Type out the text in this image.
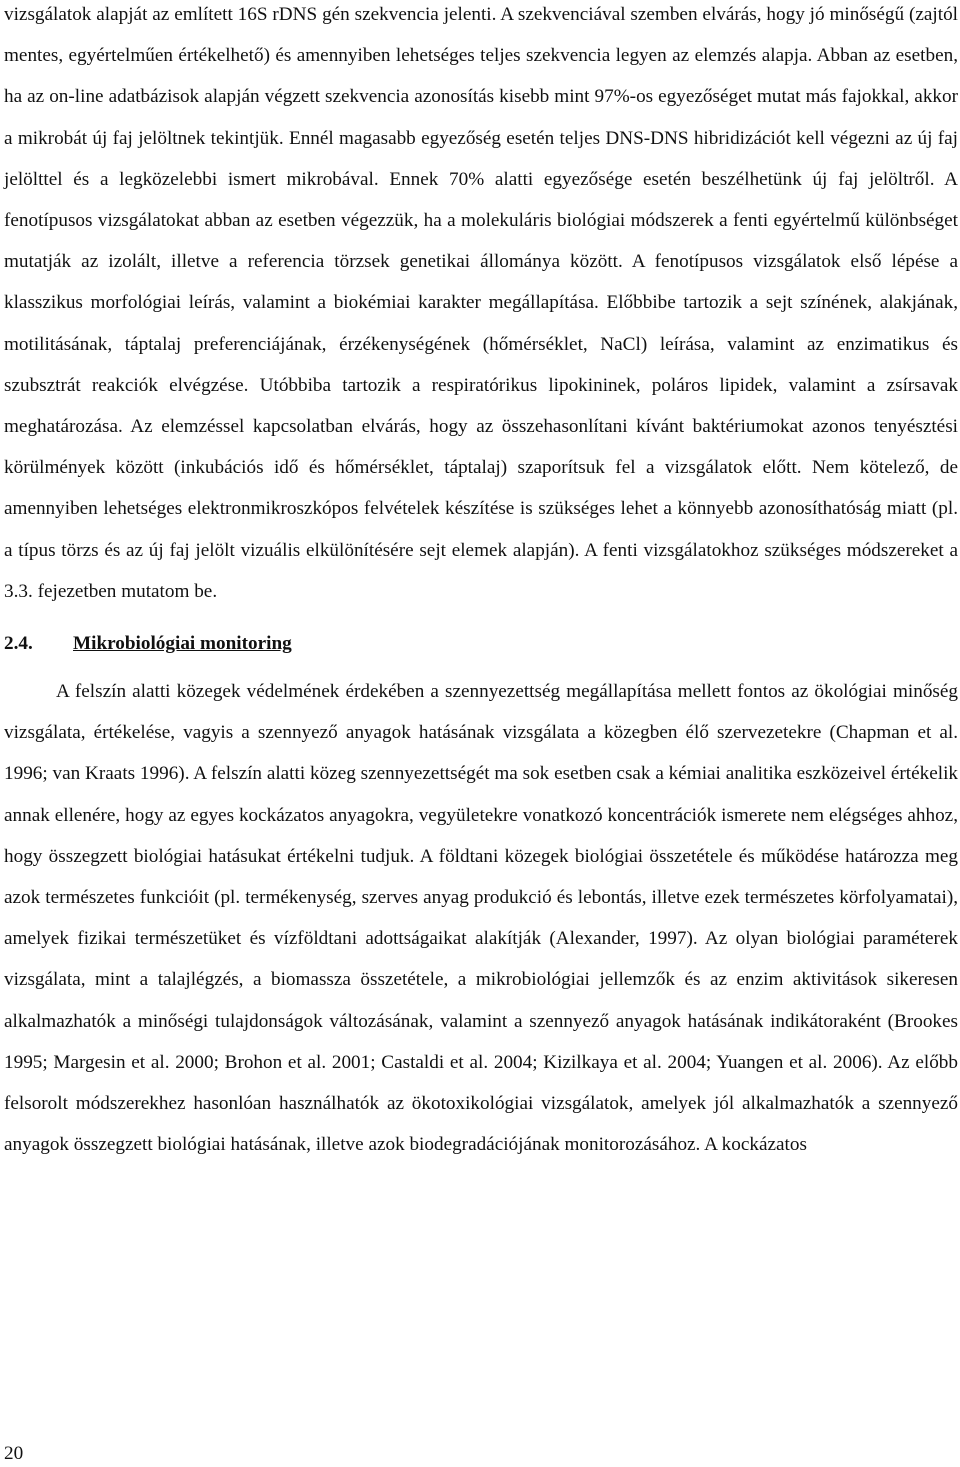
vizsgálatok alapját az említett 16S rDNS gén szekvencia jelenti. A szekvenciával szemben elvárás, hogy jó minőségű (zajtól mentes, egyértelműen értékelhető) és amennyiben lehetséges teljes szekvencia legyen az elemzés alapja. Abban az esetben, ha az on-line adatbázisok alapján végzett szekvencia azonosítás kisebb mint 97%-os egyezőséget mutat más fajokkal, akkor a mikrobát új faj jelöltnek tekintjük. Ennél magasabb egyezőség esetén teljes DNS-DNS hibridizációt kell végezni az új faj jelölttel és a legközelebbi ismert mikrobával. Ennek 70% alatti egyezősége esetén beszélhetünk új faj jelöltről. A fenotípusos vizsgálatokat abban az esetben végezzük, ha a molekuláris biológiai módszerek a fenti egyértelmű különbséget mutatják az izolált, illetve a referencia törzsek genetikai állománya között. A fenotípusos vizsgálatok első lépése a klasszikus morfológiai leírás, valamint a biokémiai karakter megállapítása. Előbbibe tartozik a sejt színének, alakjának, motilitásának, táptalaj preferenciájának, érzékenységének (hőmérséklet, NaCl) leírása, valamint az enzimatikus és szubsztrát reakciók elvégzése. Utóbbiba tartozik a respiratórikus lipokininek, poláros lipidek, valamint a zsírsavak meghatározása. Az elemzéssel kapcsolatban elvárás, hogy az összehasonlítani kívánt baktériumokat azonos tenyésztési körülmények között (inkubációs idő és hőmérséklet, táptalaj) szaporítsuk fel a vizsgálatok előtt. Nem kötelező, de amennyiben lehetséges elektronmikroszkópos felvételek készítése is szükséges lehet a könnyebb azonosíthatóság miatt (pl. a típus törzs és az új faj jelölt vizuális elkülönítésére sejt elemek alapján). A fenti vizsgálatokhoz szükséges módszereket a 3.3. fejezetben mutatom be.

2.4. Mikrobiológiai monitoring

A felszín alatti közegek védelmének érdekében a szennyezettség megállapítása mellett fontos az ökológiai minőség vizsgálata, értékelése, vagyis a szennyező anyagok hatásának vizsgálata a közegben élő szervezetekre (Chapman et al. 1996; van Kraats 1996). A felszín alatti közeg szennyezettségét ma sok esetben csak a kémiai analitika eszközeivel értékelik annak ellenére, hogy az egyes kockázatos anyagokra, vegyületekre vonatkozó koncentrációk ismerete nem elégséges ahhoz, hogy összegzett biológiai hatásukat értékelni tudjuk. A földtani közegek biológiai összetétele és működése határozza meg azok természetes funkcióit (pl. termékenység, szerves anyag produkció és lebontás, illetve ezek természetes körfolyamatai), amelyek fizikai természetüket és vízföldtani adottságaikat alakítják (Alexander, 1997). Az olyan biológiai paraméterek vizsgálata, mint a talajlégzés, a biomassza összetétele, a mikrobiológiai jellemzők és az enzim aktivitások sikeresen alkalmazhatók a minőségi tulajdonságok változásának, valamint a szennyező anyagok hatásának indikátoraként (Brookes 1995; Margesin et al. 2000; Brohon et al. 2001; Castaldi et al. 2004; Kizilkaya et al. 2004; Yuangen et al. 2006). Az előbb felsorolt módszerekhez hasonlóan használhatók az ökotoxikológiai vizsgálatok, amelyek jól alkalmazhatók a szennyező anyagok összegzett biológiai hatásának, illetve azok biodegradációjának monitorozásához. A kockázatos

20
